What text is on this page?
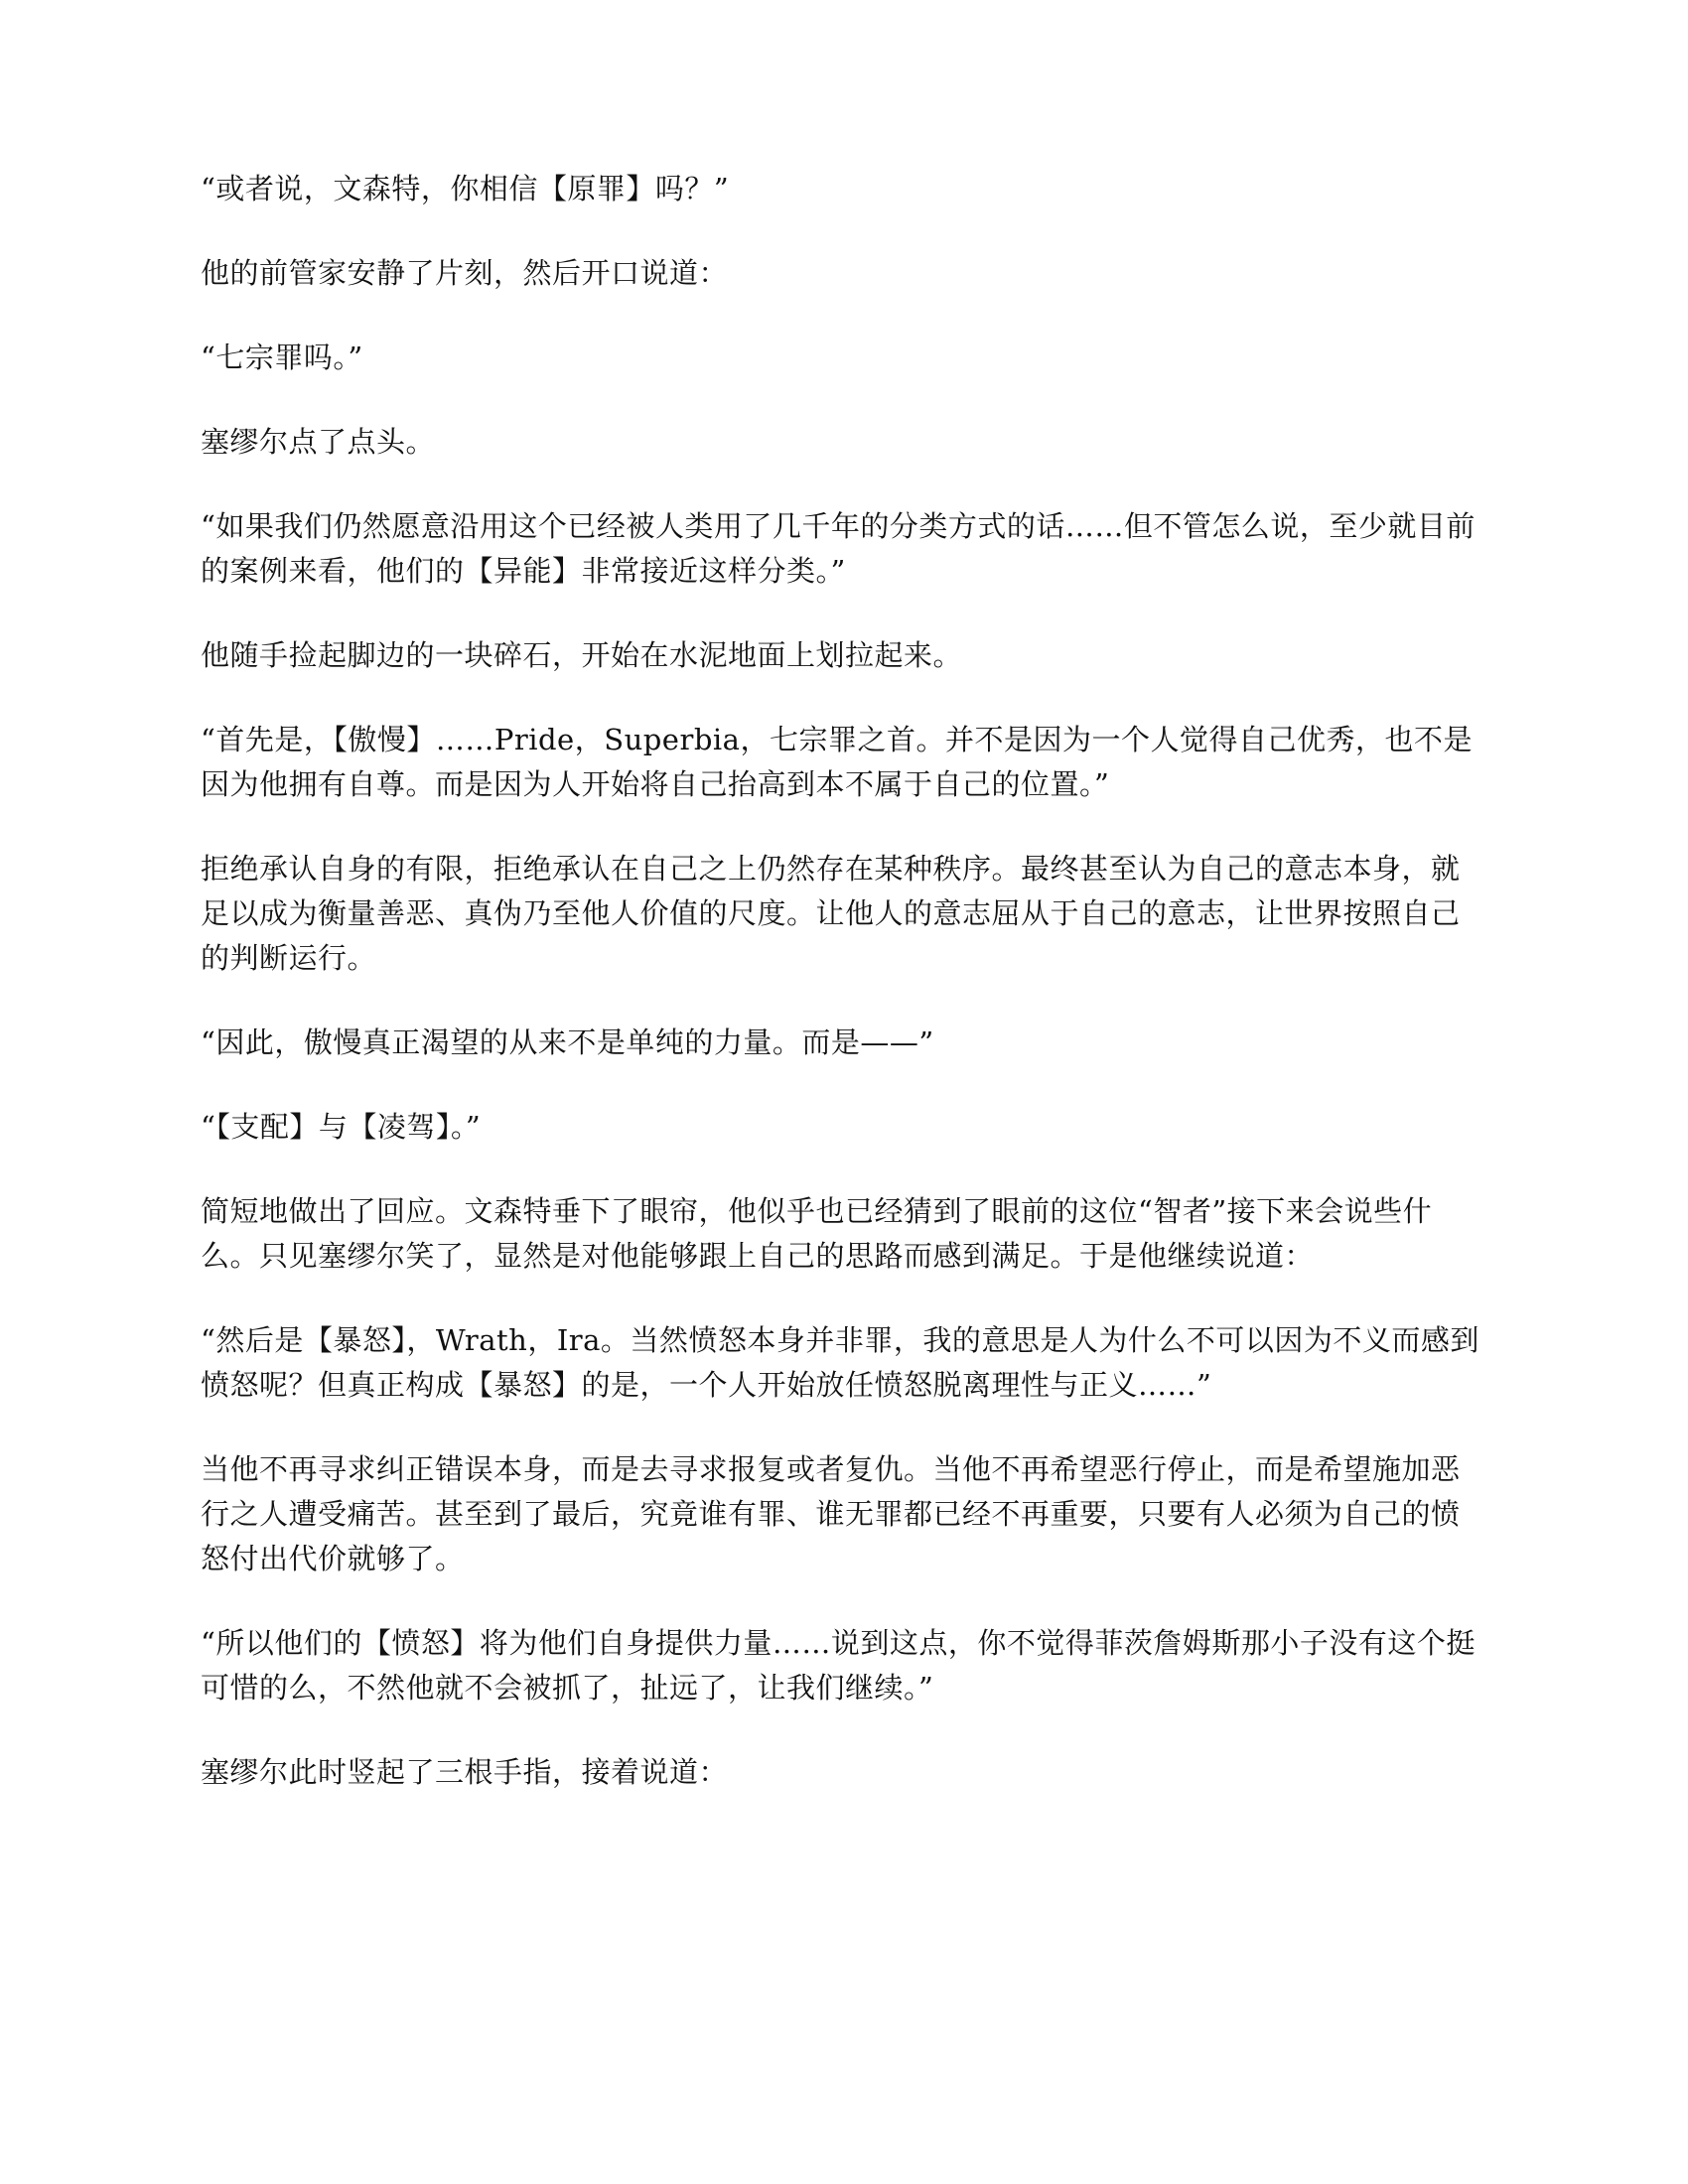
“或者说，文森特，你相信【原罪】吗？”

他的前管家安静了片刻，然后开口说道：

“七宗罪吗。”

塞缪尔点了点头。

“如果我们仍然愿意沿用这个已经被人类用了几千年的分类方式的话……但不管怎么说，至少就目前的案例来看，他们的【异能】非常接近这样分类。”

他随手捡起脚边的一块碎石，开始在水泥地面上划拉起来。

“首先是，【傲慢】……Pride，Superbia，七宗罪之首。并不是因为一个人觉得自己优秀，也不是因为他拥有自尊。而是因为人开始将自己抬高到本不属于自己的位置。”

拒绝承认自身的有限，拒绝承认在自己之上仍然存在某种秩序。最终甚至认为自己的意志本身，就足以成为衡量善恶、真伪乃至他人价值的尺度。让他人的意志屈从于自己的意志，让世界按照自己的判断运行。

“因此，傲慢真正渴望的从来不是单纯的力量。而是——”

“【支配】与【凌驾】。”

简短地做出了回应。文森特垂下了眼帘，他似乎也已经猜到了眼前的这位“智者”接下来会说些什么。只见塞缪尔笑了，显然是对他能够跟上自己的思路而感到满足。于是他继续说道：

“然后是【暴怒】，Wrath，Ira。当然愤怒本身并非罪，我的意思是人为什么不可以因为不义而感到愤怒呢？但真正构成【暴怒】的是，一个人开始放任愤怒脱离理性与正义……”

当他不再寻求纠正错误本身，而是去寻求报复或者复仇。当他不再希望恶行停止，而是希望施加恶行之人遭受痛苦。甚至到了最后，究竟谁有罪、谁无罪都已经不再重要，只要有人必须为自己的愤怒付出代价就够了。

“所以他们的【愤怒】将为他们自身提供力量……说到这点，你不觉得菲茨詹姆斯那小子没有这个挺可惜的么，不然他就不会被抓了，扯远了，让我们继续。”

塞缪尔此时竖起了三根手指，接着说道：
